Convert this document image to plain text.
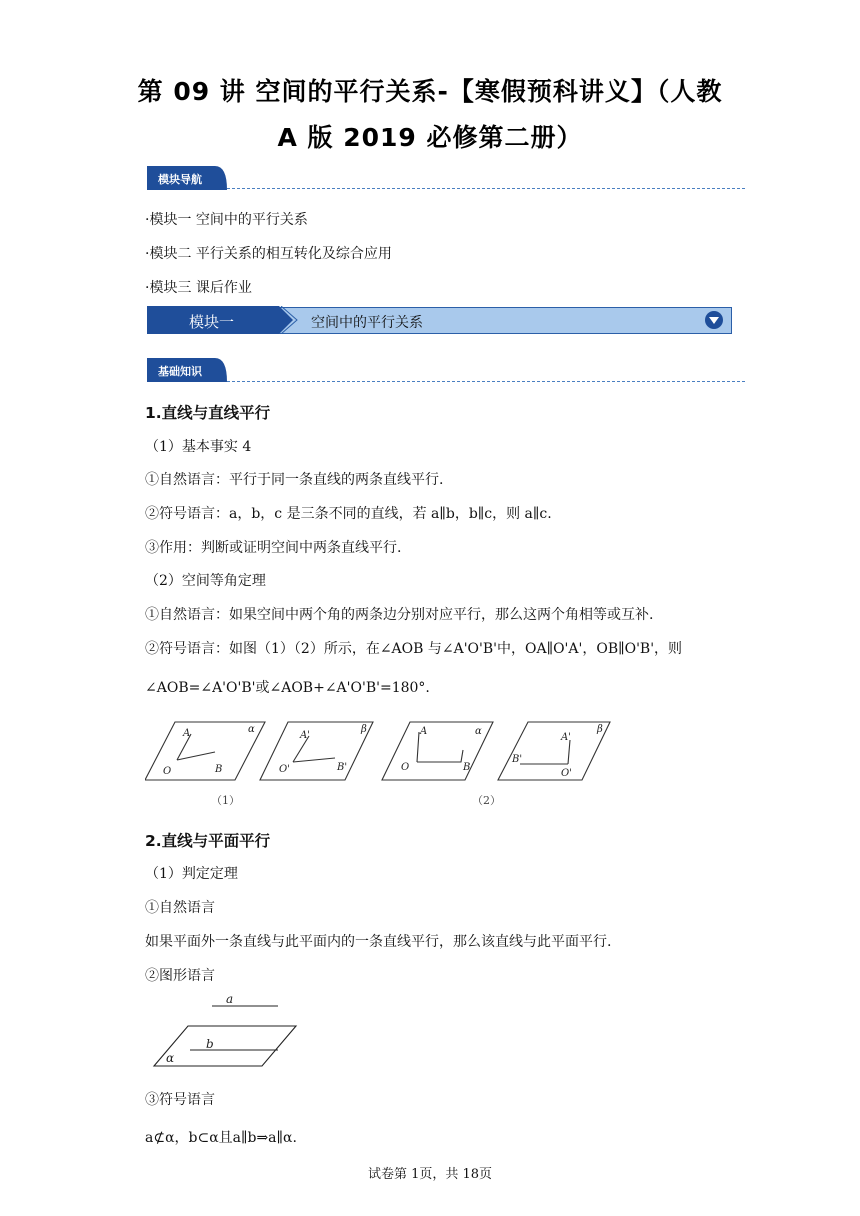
第 09 讲 空间的平行关系-【寒假预科讲义】（人教
A 版 2019 必修第二册）
模块导航
·模块一 空间中的平行关系
·模块二 平行关系的相互转化及综合应用
·模块三 课后作业
模块一	空间中的平行关系
基础知识
1.直线与直线平行
（1）基本事实 4
①自然语言：平行于同一条直线的两条直线平行.
②符号语言：a，b，c 是三条不同的直线，若 a∥b，b∥c，则 a∥c.
③作用：判断或证明空间中两条直线平行.
（2）空间等角定理
①自然语言：如果空间中两个角的两条边分别对应平行，那么这两个角相等或互补.
②符号语言：如图（1）（2）所示，在∠AOB 与∠A'O'B'中，OA∥O'A'，OB∥O'B'，则
∠AOB=∠A'O'B'或∠AOB+∠A'O'B'=180°.
A
O	B
α
A'
O'	B'
β	A
O	B
α
A'
B'
O'
β
（1）	（2）
2.直线与平面平行
（1）判定定理
①自然语言
如果平面外一条直线与此平面内的一条直线平行，那么该直线与此平面平行.
②图形语言
a
b
α
③符号语言
a⊄α，b⊂α且a∥b⇒a∥α.
试卷第 1页，共 18页
